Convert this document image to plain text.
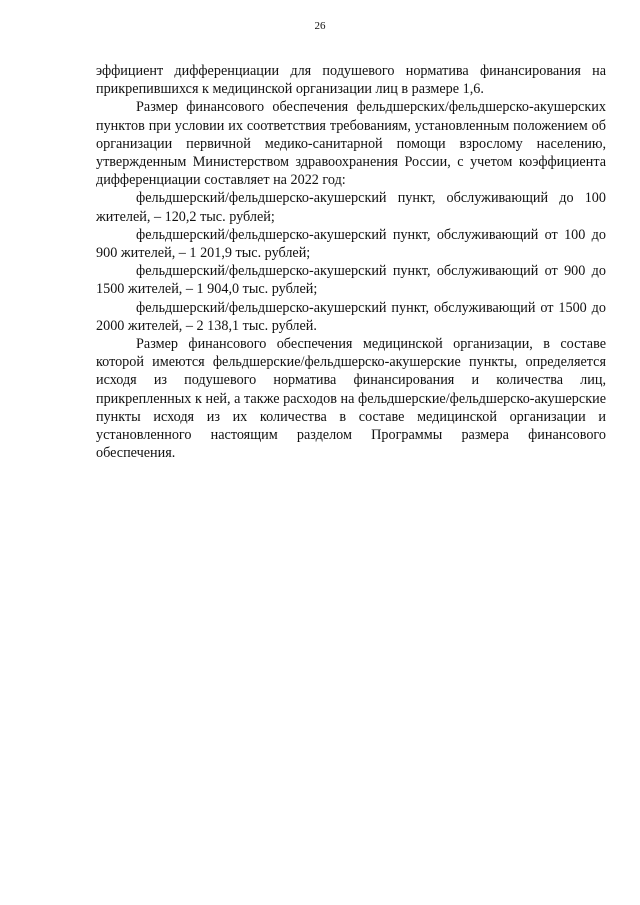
26

эффициент дифференциации для подушевого норматива финансирования на прикрепившихся к медицинской организации лиц в размере 1,6.

Размер финансового обеспечения фельдшерских/фельдшерско-акушерских пунктов при условии их соответствия требованиям, установленным положением об организации первичной медико-санитарной помощи взрослому населению, утвержденным Министерством здравоохранения России, с учетом коэффициента дифференциации составляет на 2022 год:

фельдшерский/фельдшерско-акушерский пункт, обслуживающий до 100 жителей, – 120,2 тыс. рублей;

фельдшерский/фельдшерско-акушерский пункт, обслуживающий от 100 до 900 жителей, – 1 201,9 тыс. рублей;

фельдшерский/фельдшерско-акушерский пункт, обслуживающий от 900 до 1500 жителей, – 1 904,0 тыс. рублей;

фельдшерский/фельдшерско-акушерский пункт, обслуживающий от 1500 до 2000 жителей, – 2 138,1 тыс. рублей.

Размер финансового обеспечения медицинской организации, в составе которой имеются фельдшерские/фельдшерско-акушерские пункты, определяется исходя из подушевого норматива финансирования и количества лиц, прикрепленных к ней, а также расходов на фельдшерские/фельдшерско-акушерские пункты исходя из их количества в составе медицинской организации и установленного настоящим разделом Программы размера финансового обеспечения.
